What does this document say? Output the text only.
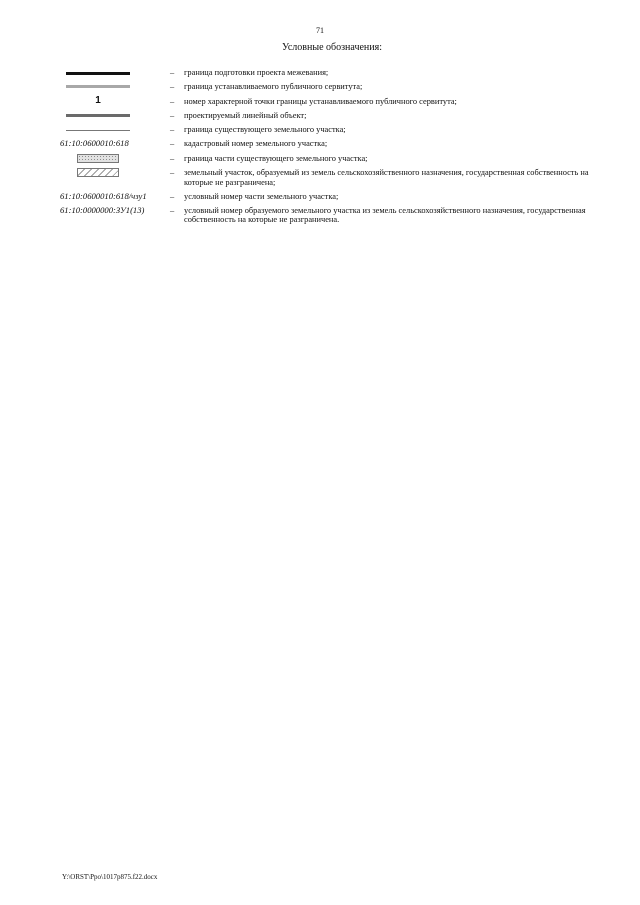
71
Условные обозначения:
–	граница подготовки проекта межевания;
–	граница устанавливаемого публичного сервитута;
1	–	номер характерной точки границы устанавливаемого публичного сервитута;
–	проектируемый линейный объект;
–	граница существующего земельного участка;
61:10:0600010:618	–	кадастровый номер земельного участка;
–	граница части существующего земельного участка;
–	земельный участок, образуемый из земель сельскохозяйственного назначения, государственная собственность на которые не разграничена;
61:10:0600010:618/чзу1	–	условный номер части земельного участка;
61:10:0000000:ЗУ1(13)	–	условный номер образуемого земельного участка из земель сельскохозяйственного назначения, государственная собственность на которые не разграничена.
Y:\ORST\Ppo\1017p875.f22.docx
